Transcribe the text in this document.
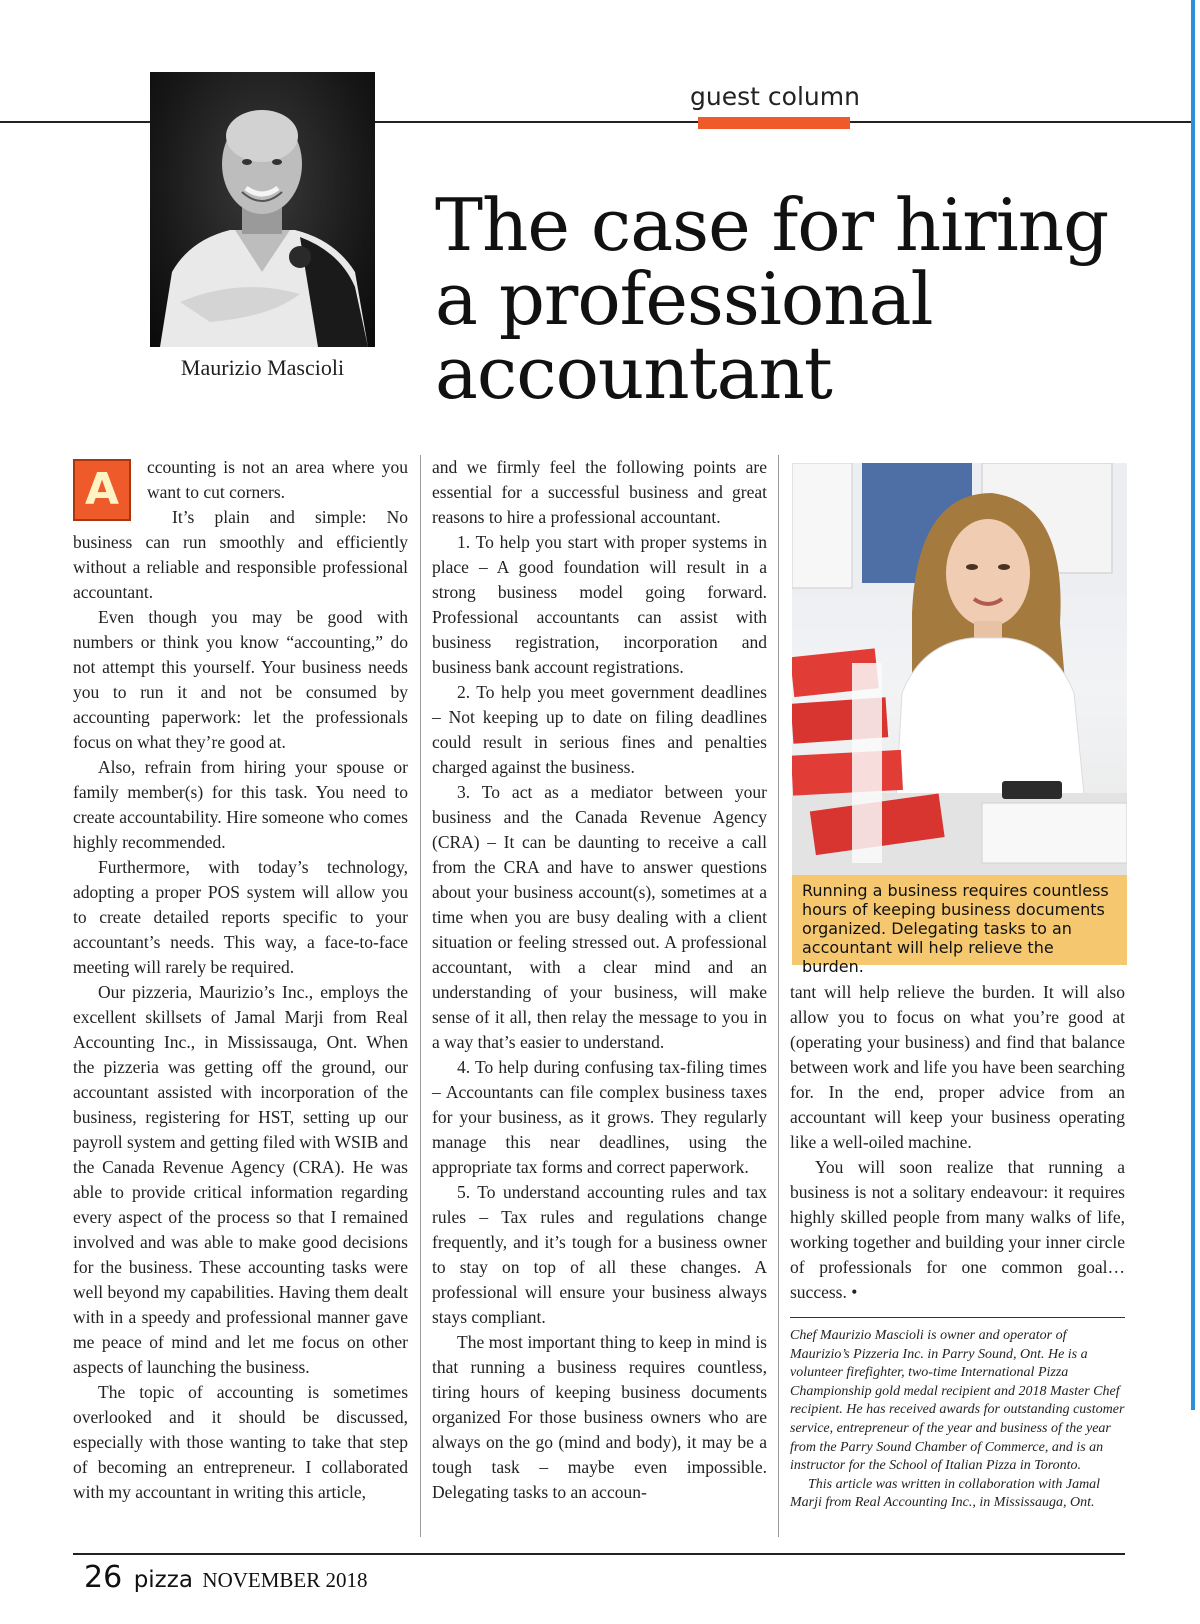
guest column
Maurizio Mascioli
The case for hiring a professional accountant
A	ccounting is not an area where you want to cut corners.

It’s plain and simple: No business can run smoothly and efficiently without a reliable and responsible professional accountant.

Even though you may be good with numbers or think you know “accounting,” do not attempt this yourself. Your business needs you to run it and not be consumed by accounting paperwork: let the professionals focus on what they’re good at.

Also, refrain from hiring your spouse or family member(s) for this task. You need to create accountability. Hire someone who comes highly recommended.

Furthermore, with today’s technology, adopting a proper POS system will allow you to create detailed reports specific to your accountant’s needs. This way, a face-to-face meeting will rarely be required.

Our pizzeria, Maurizio’s Inc., employs the excellent skillsets of Jamal Marji from Real Accounting Inc., in Mississauga, Ont. When the pizzeria was getting off the ground, our accountant assisted with incorporation of the business, registering for HST, setting up our payroll system and getting filed with WSIB and the Canada Revenue Agency (CRA). He was able to provide critical information regarding every aspect of the process so that I remained involved and was able to make good decisions for the business. These accounting tasks were well beyond my capabilities. Having them dealt with in a speedy and professional manner gave me peace of mind and let me focus on other aspects of launching the business.

The topic of accounting is sometimes overlooked and it should be discussed, especially with those wanting to take that step of becoming an entrepreneur. I collaborated with my accountant in writing this article,

and we firmly feel the following points are essential for a successful business and great reasons to hire a professional accountant.

1. To help you start with proper systems in place – A good foundation will result in a strong business model going forward. Professional accountants can assist with business registration, incorporation and business bank account registrations.

2. To help you meet government deadlines – Not keeping up to date on filing deadlines could result in serious fines and penalties charged against the business.

3. To act as a mediator between your business and the Canada Revenue Agency (CRA) – It can be daunting to receive a call from the CRA and have to answer questions about your business account(s), sometimes at a time when you are busy dealing with a client situation or feeling stressed out. A professional accountant, with a clear mind and an understanding of your business, will make sense of it all, then relay the message to you in a way that’s easier to understand.

4. To help during confusing tax-filing times – Accountants can file complex business taxes for your business, as it grows. They regularly manage this near deadlines, using the appropriate tax forms and correct paperwork.

5. To understand accounting rules and tax rules – Tax rules and regulations change frequently, and it’s tough for a business owner to stay on top of all these changes. A professional will ensure your business always stays compliant.

The most important thing to keep in mind is that running a business requires countless, tiring hours of keeping business documents organized For those business owners who are always on the go (mind and body), it may be a tough task – maybe even impossible. Delegating tasks to an accoun-

Running a business requires countless hours of keeping business documents organized. Delegating tasks to an accountant will help relieve the burden.

tant will help relieve the burden. It will also allow you to focus on what you’re good at (operating your business) and find that balance between work and life you have been searching for. In the end, proper advice from an accountant will keep your business operating like a well-oiled machine.

You will soon realize that running a business is not a solitary endeavour: it requires highly skilled people from many walks of life, working together and building your inner circle of professionals for one common goal… success. •

Chef Maurizio Mascioli is owner and operator of Maurizio’s Pizzeria Inc. in Parry Sound, Ont. He is a volunteer firefighter, two-time International Pizza Championship gold medal recipient and 2018 Master Chef recipient. He has received awards for outstanding customer service, entrepreneur of the year and business of the year from the Parry Sound Chamber of Commerce, and is an instructor for the School of Italian Pizza in Toronto.

This article was written in collaboration with Jamal Marji from Real Accounting Inc., in Mississauga, Ont.

26 pizza NOVEMBER 2018
